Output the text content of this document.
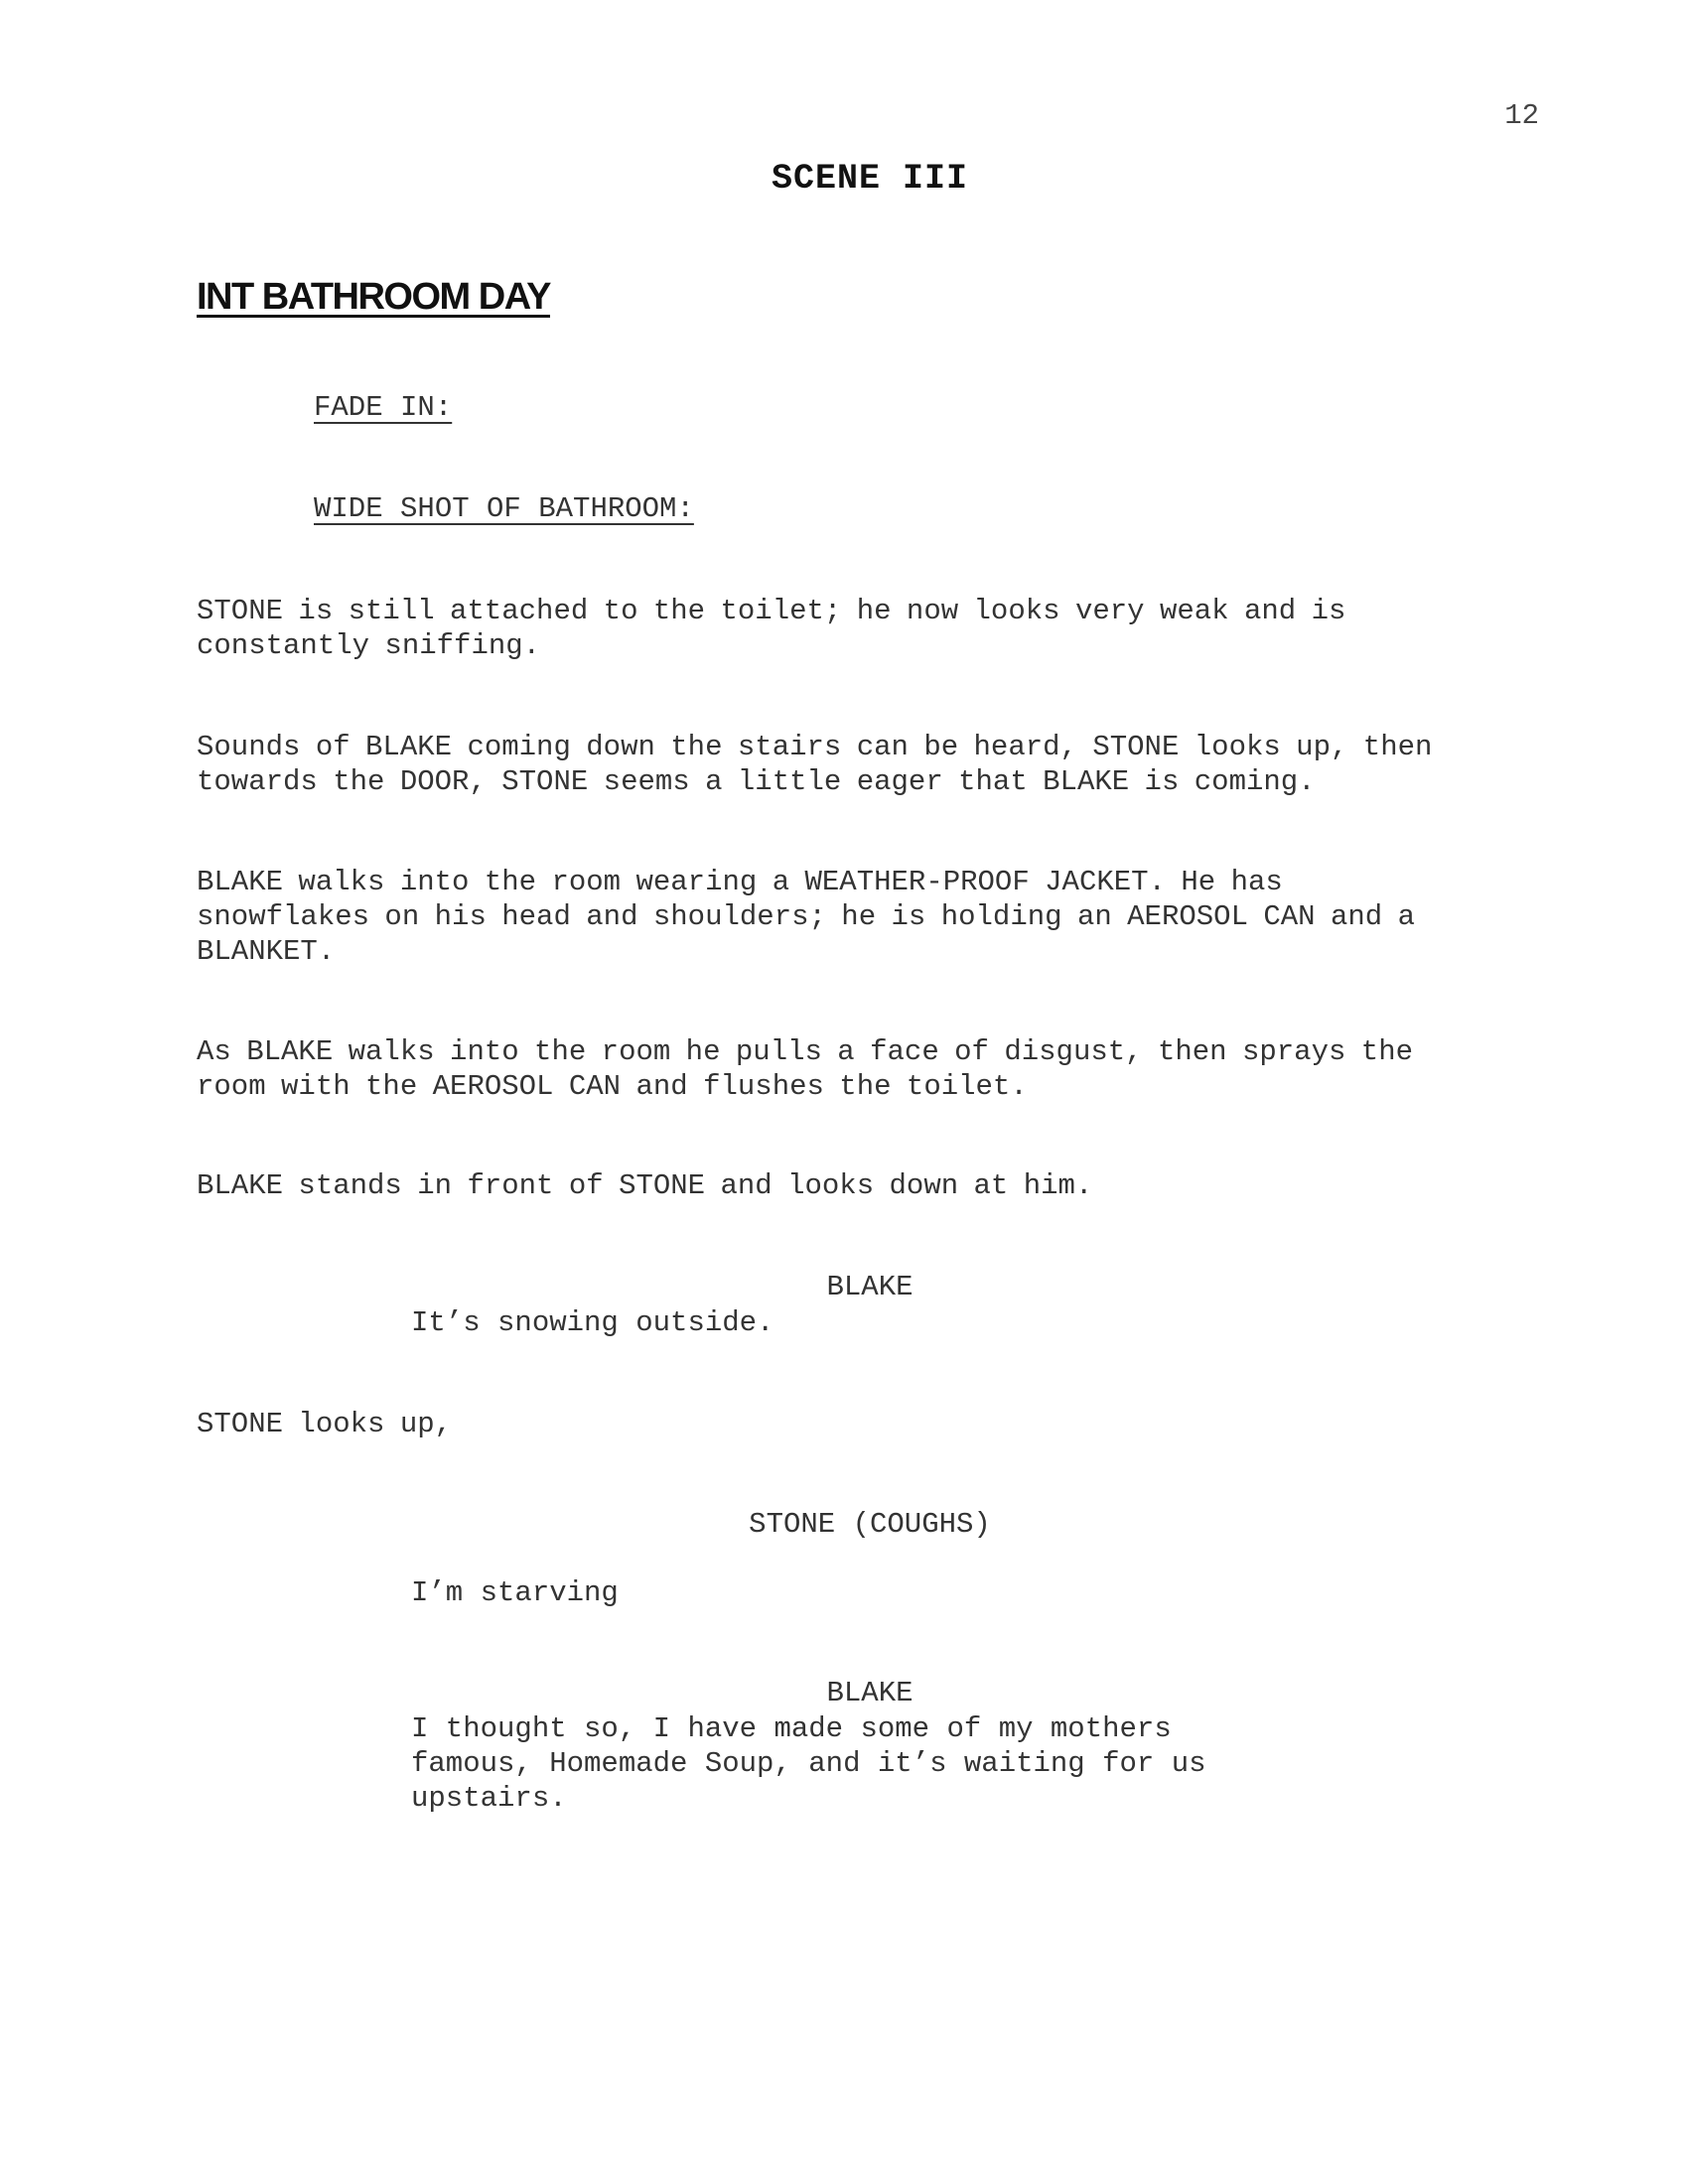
12
SCENE III
INT BATHROOM DAY
FADE IN:
WIDE SHOT OF BATHROOM:
STONE is still attached to the toilet; he now looks very weak and is
constantly sniffing.
Sounds of BLAKE coming down the stairs can be heard, STONE looks up, then
towards the DOOR, STONE seems a little eager that BLAKE is coming.
BLAKE walks into the room wearing a WEATHER-PROOF JACKET. He has
snowflakes on his head and shoulders; he is holding an AEROSOL CAN and a
BLANKET.
As BLAKE walks into the room he pulls a face of disgust, then sprays the
room with the AEROSOL CAN and flushes the toilet.
BLAKE stands in front of STONE and looks down at him.
BLAKE
It’s snowing outside.
STONE looks up,
STONE (COUGHS)
I’m starving
BLAKE
I thought so, I have made some of my mothers
famous, Homemade Soup, and it’s waiting for us
upstairs.
